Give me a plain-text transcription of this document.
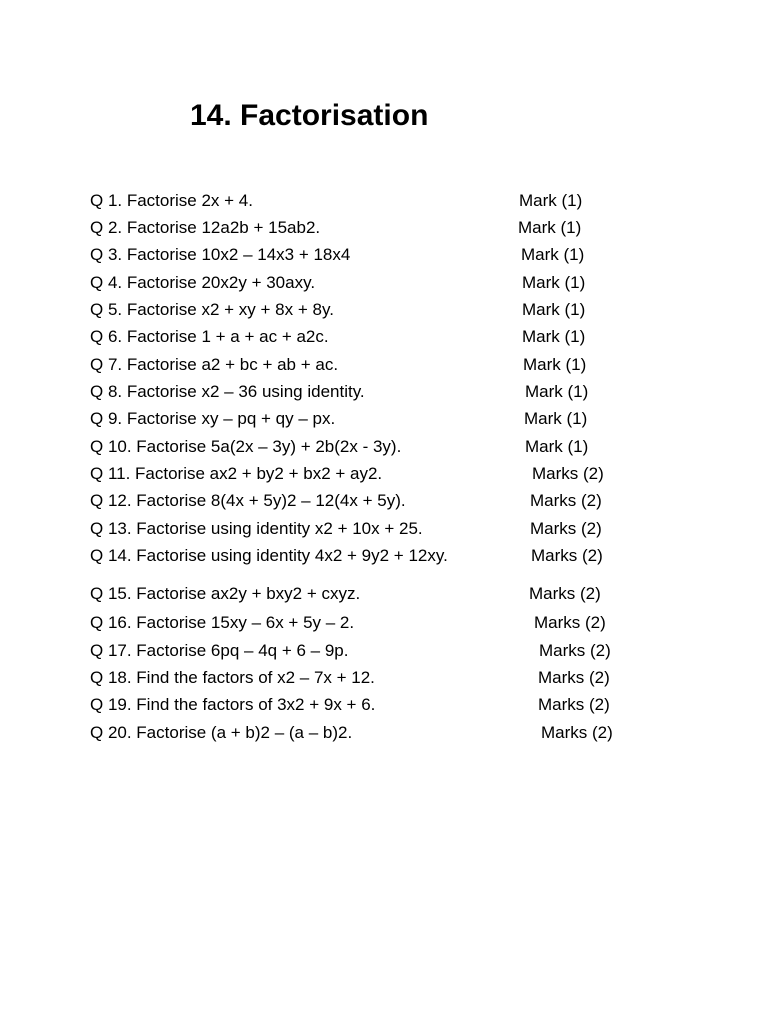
14. Factorisation
Q 1. Factorise 2x + 4.	Mark (1)
Q 2. Factorise 12a2b + 15ab2.	Mark (1)
Q 3. Factorise 10x2 – 14x3 + 18x4	Mark (1)
Q 4. Factorise 20x2y + 30axy.	Mark (1)
Q 5. Factorise x2 + xy + 8x + 8y.	Mark (1)
Q 6. Factorise 1 + a + ac + a2c.	Mark (1)
Q 7. Factorise a2 + bc + ab + ac.	Mark (1)
Q 8. Factorise x2 – 36 using identity.	Mark (1)
Q 9. Factorise xy – pq + qy – px.	Mark (1)
Q 10. Factorise 5a(2x – 3y) + 2b(2x - 3y).	Mark (1)
Q 11. Factorise ax2 + by2 + bx2 + ay2.	Marks (2)
Q 12. Factorise 8(4x + 5y)2 – 12(4x + 5y).	Marks (2)
Q 13. Factorise using identity x2 + 10x + 25.	Marks (2)
Q 14. Factorise using identity 4x2 + 9y2 + 12xy.	Marks (2)
Q 15. Factorise ax2y + bxy2 + cxyz.	Marks (2)
Q 16. Factorise 15xy – 6x + 5y – 2.	Marks (2)
Q 17. Factorise 6pq – 4q + 6 – 9p.	Marks (2)
Q 18. Find the factors of x2 – 7x + 12.	Marks (2)
Q 19. Find the factors of 3x2 + 9x + 6.	Marks (2)
Q 20. Factorise (a + b)2 – (a – b)2.	Marks (2)
